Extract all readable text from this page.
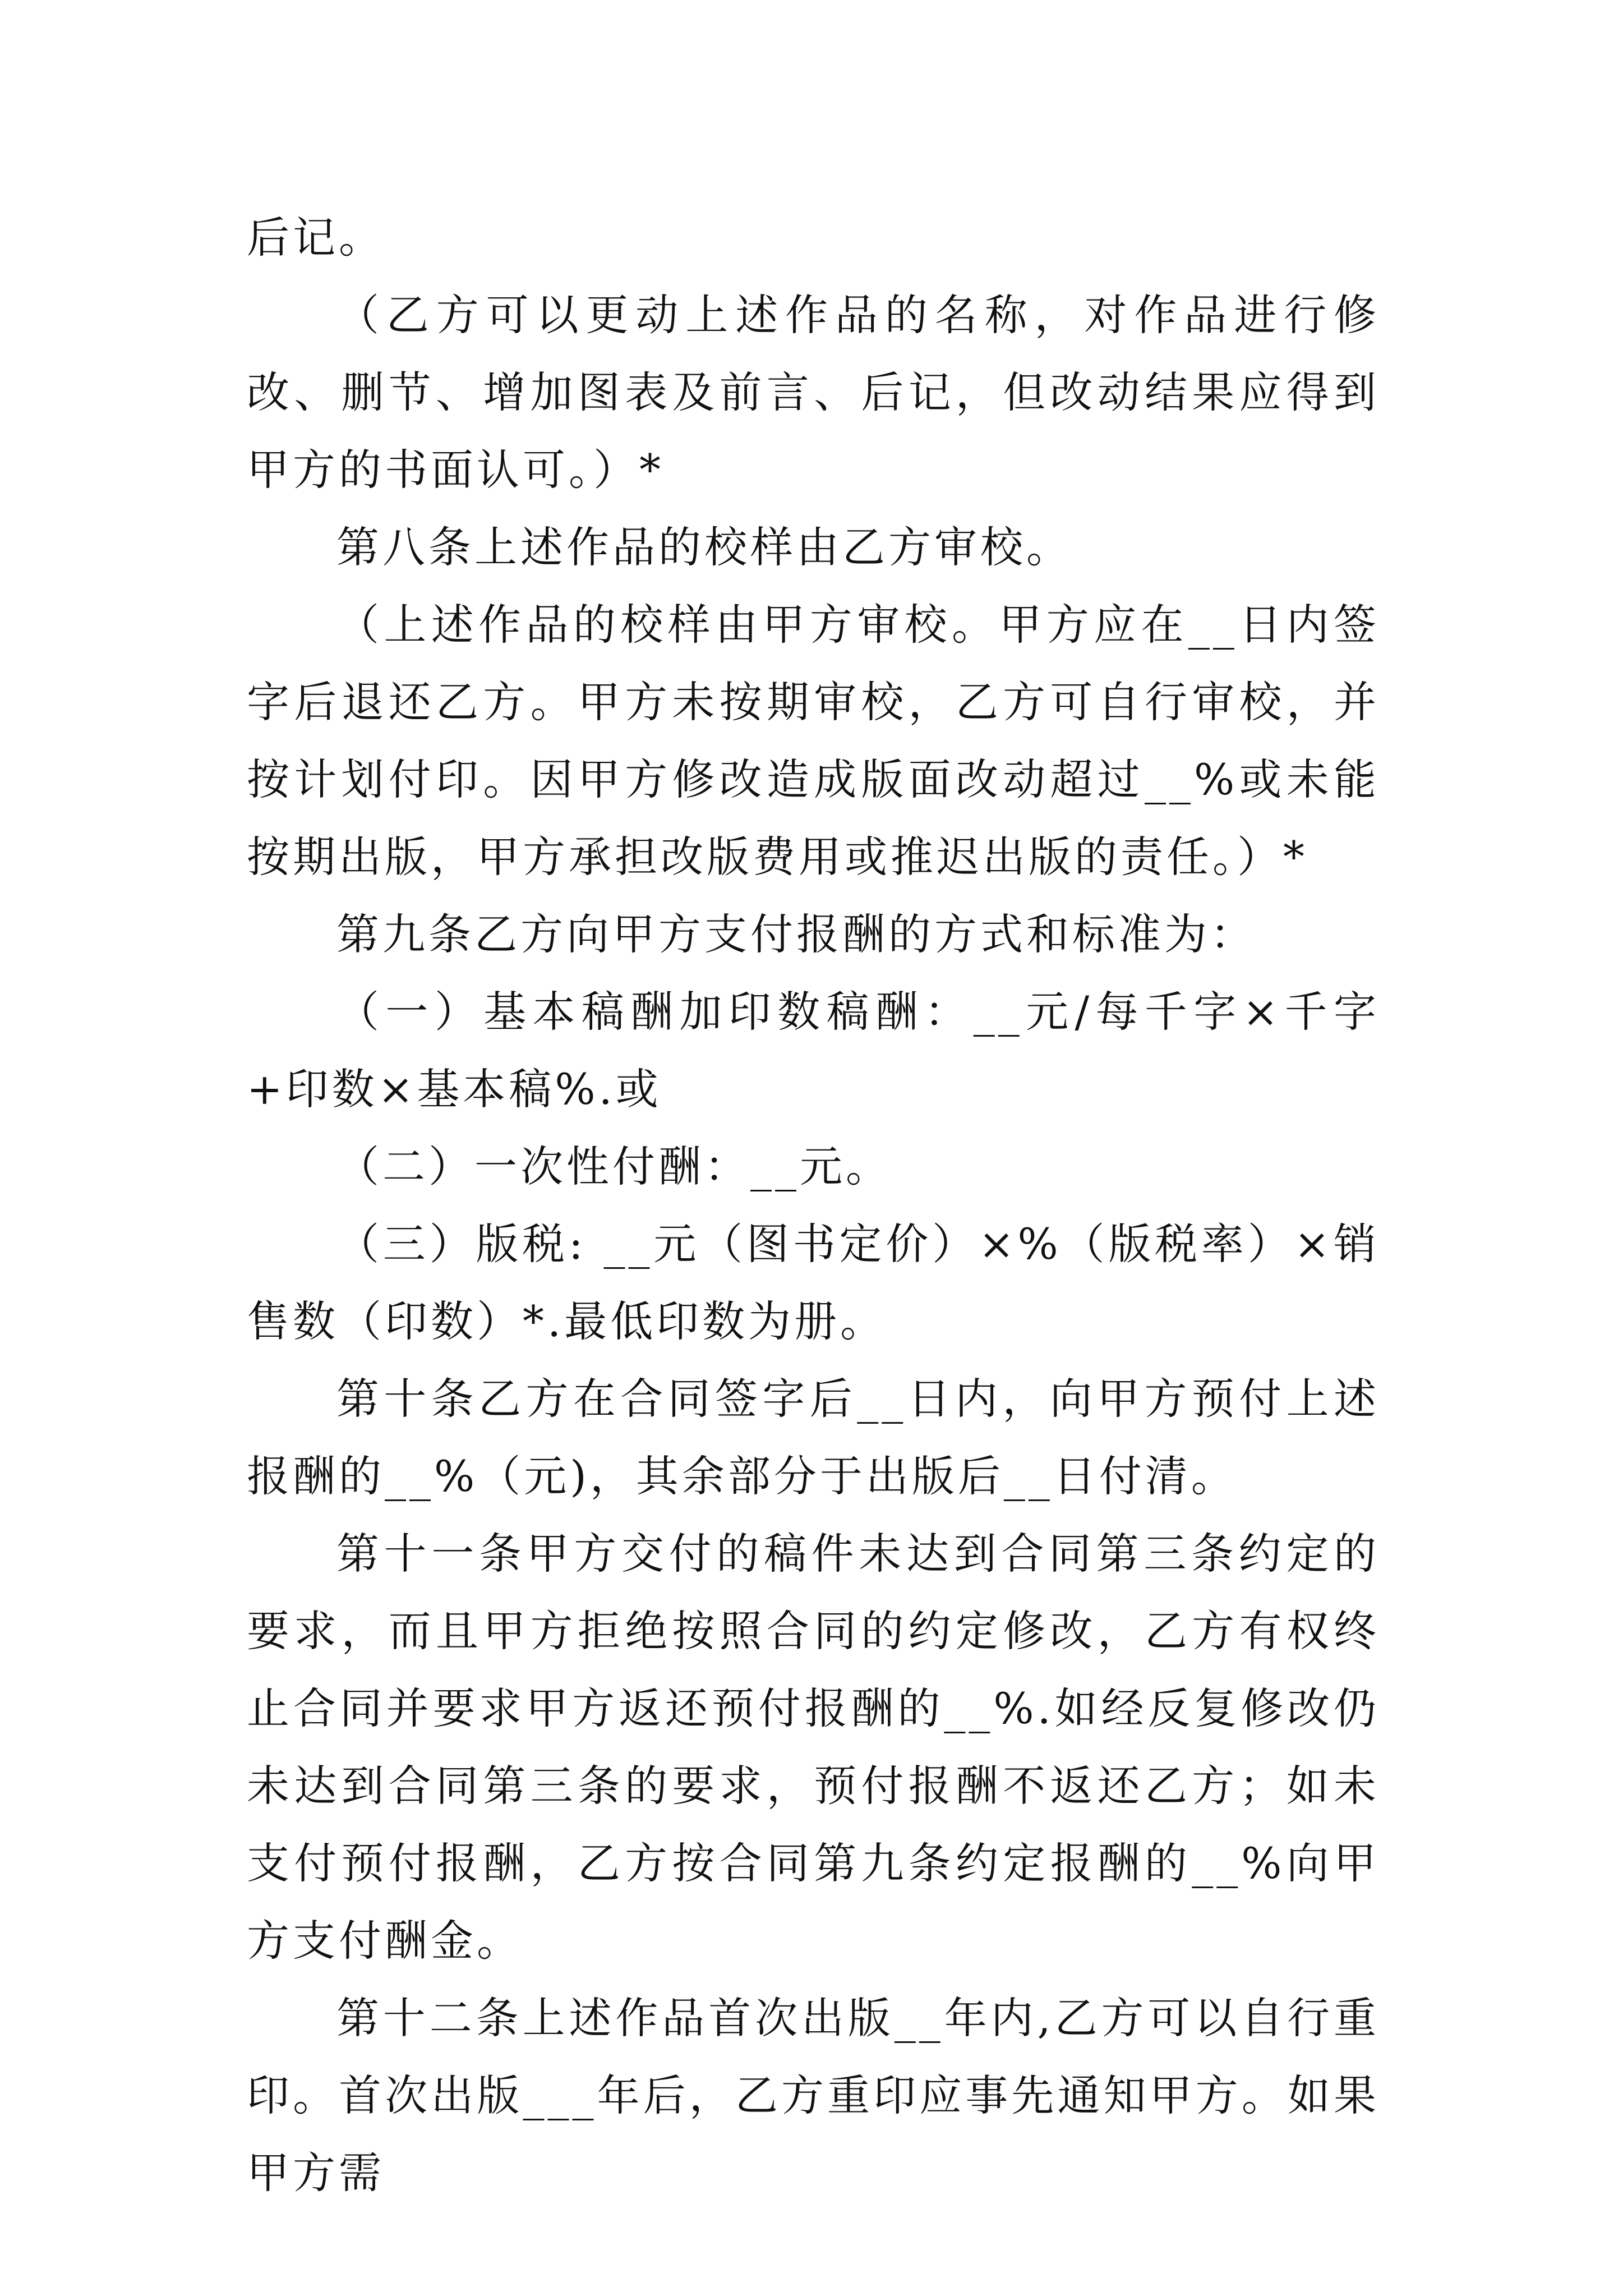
后记。

（乙方可以更动上述作品的名称，对作品进行修改、删节、增加图表及前言、后记，但改动结果应得到甲方的书面认可。）*

第八条上述作品的校样由乙方审校。

（上述作品的校样由甲方审校。甲方应在__日内签字后退还乙方。甲方未按期审校，乙方可自行审校，并按计划付印。因甲方修改造成版面改动超过__%或未能按期出版，甲方承担改版费用或推迟出版的责任。）*

第九条乙方向甲方支付报酬的方式和标准为：

（一）基本稿酬加印数稿酬：__元/每千字×千字+印数×基本稿%.或

（二）一次性付酬：__元。

（三）版税: __元（图书定价）×%（版税率）×销售数（印数）*.最低印数为册。

第十条乙方在合同签字后__日内，向甲方预付上述报酬的__%（元)，其余部分于出版后__日付清。

第十一条甲方交付的稿件未达到合同第三条约定的要求，而且甲方拒绝按照合同的约定修改，乙方有权终止合同并要求甲方返还预付报酬的__%.如经反复修改仍未达到合同第三条的要求，预付报酬不返还乙方；如未支付预付报酬，乙方按合同第九条约定报酬的__%向甲方支付酬金。

第十二条上述作品首次出版__年内,乙方可以自行重印。首次出版___年后，乙方重印应事先通知甲方。如果甲方需
